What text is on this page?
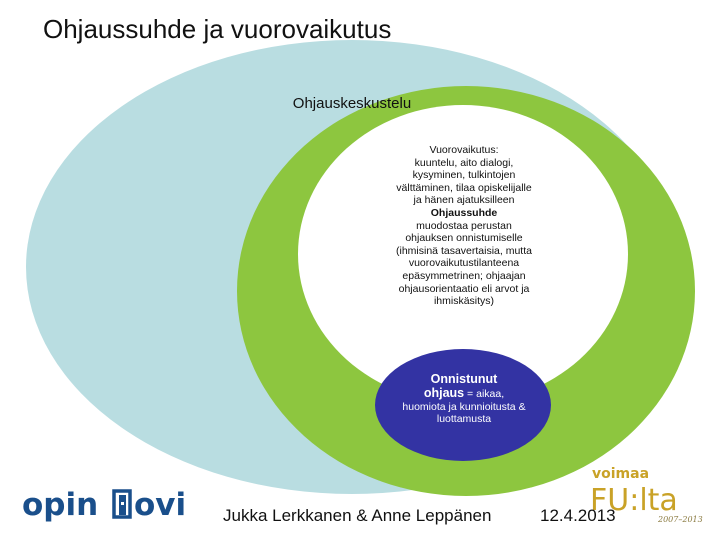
Ohjaussuhde ja vuorovaikutus
Ohjauskeskustelu
Vuorovaikutus:
kuuntelu, aito dialogi, kysyminen, tulkintojen välttäminen, tilaa opiskelijalle ja hänen ajatuksilleen
Ohjaussuhde
muodostaa perustan ohjauksen onnistumiselle (ihmisinä tasavertaisia, mutta vuorovaikutustilanteena epäsymmetrinen; ohjaajan ohjausorientaatio eli arvot ja ihmiskäsitys)
Onnistunut
ohjaus = aikaa,
huomiota ja kunnioitusta & luottamusta
opin ovi
voimaa
FU:lta
2007–2013
Jukka Lerkkanen & Anne Leppänen	12.4.2013
